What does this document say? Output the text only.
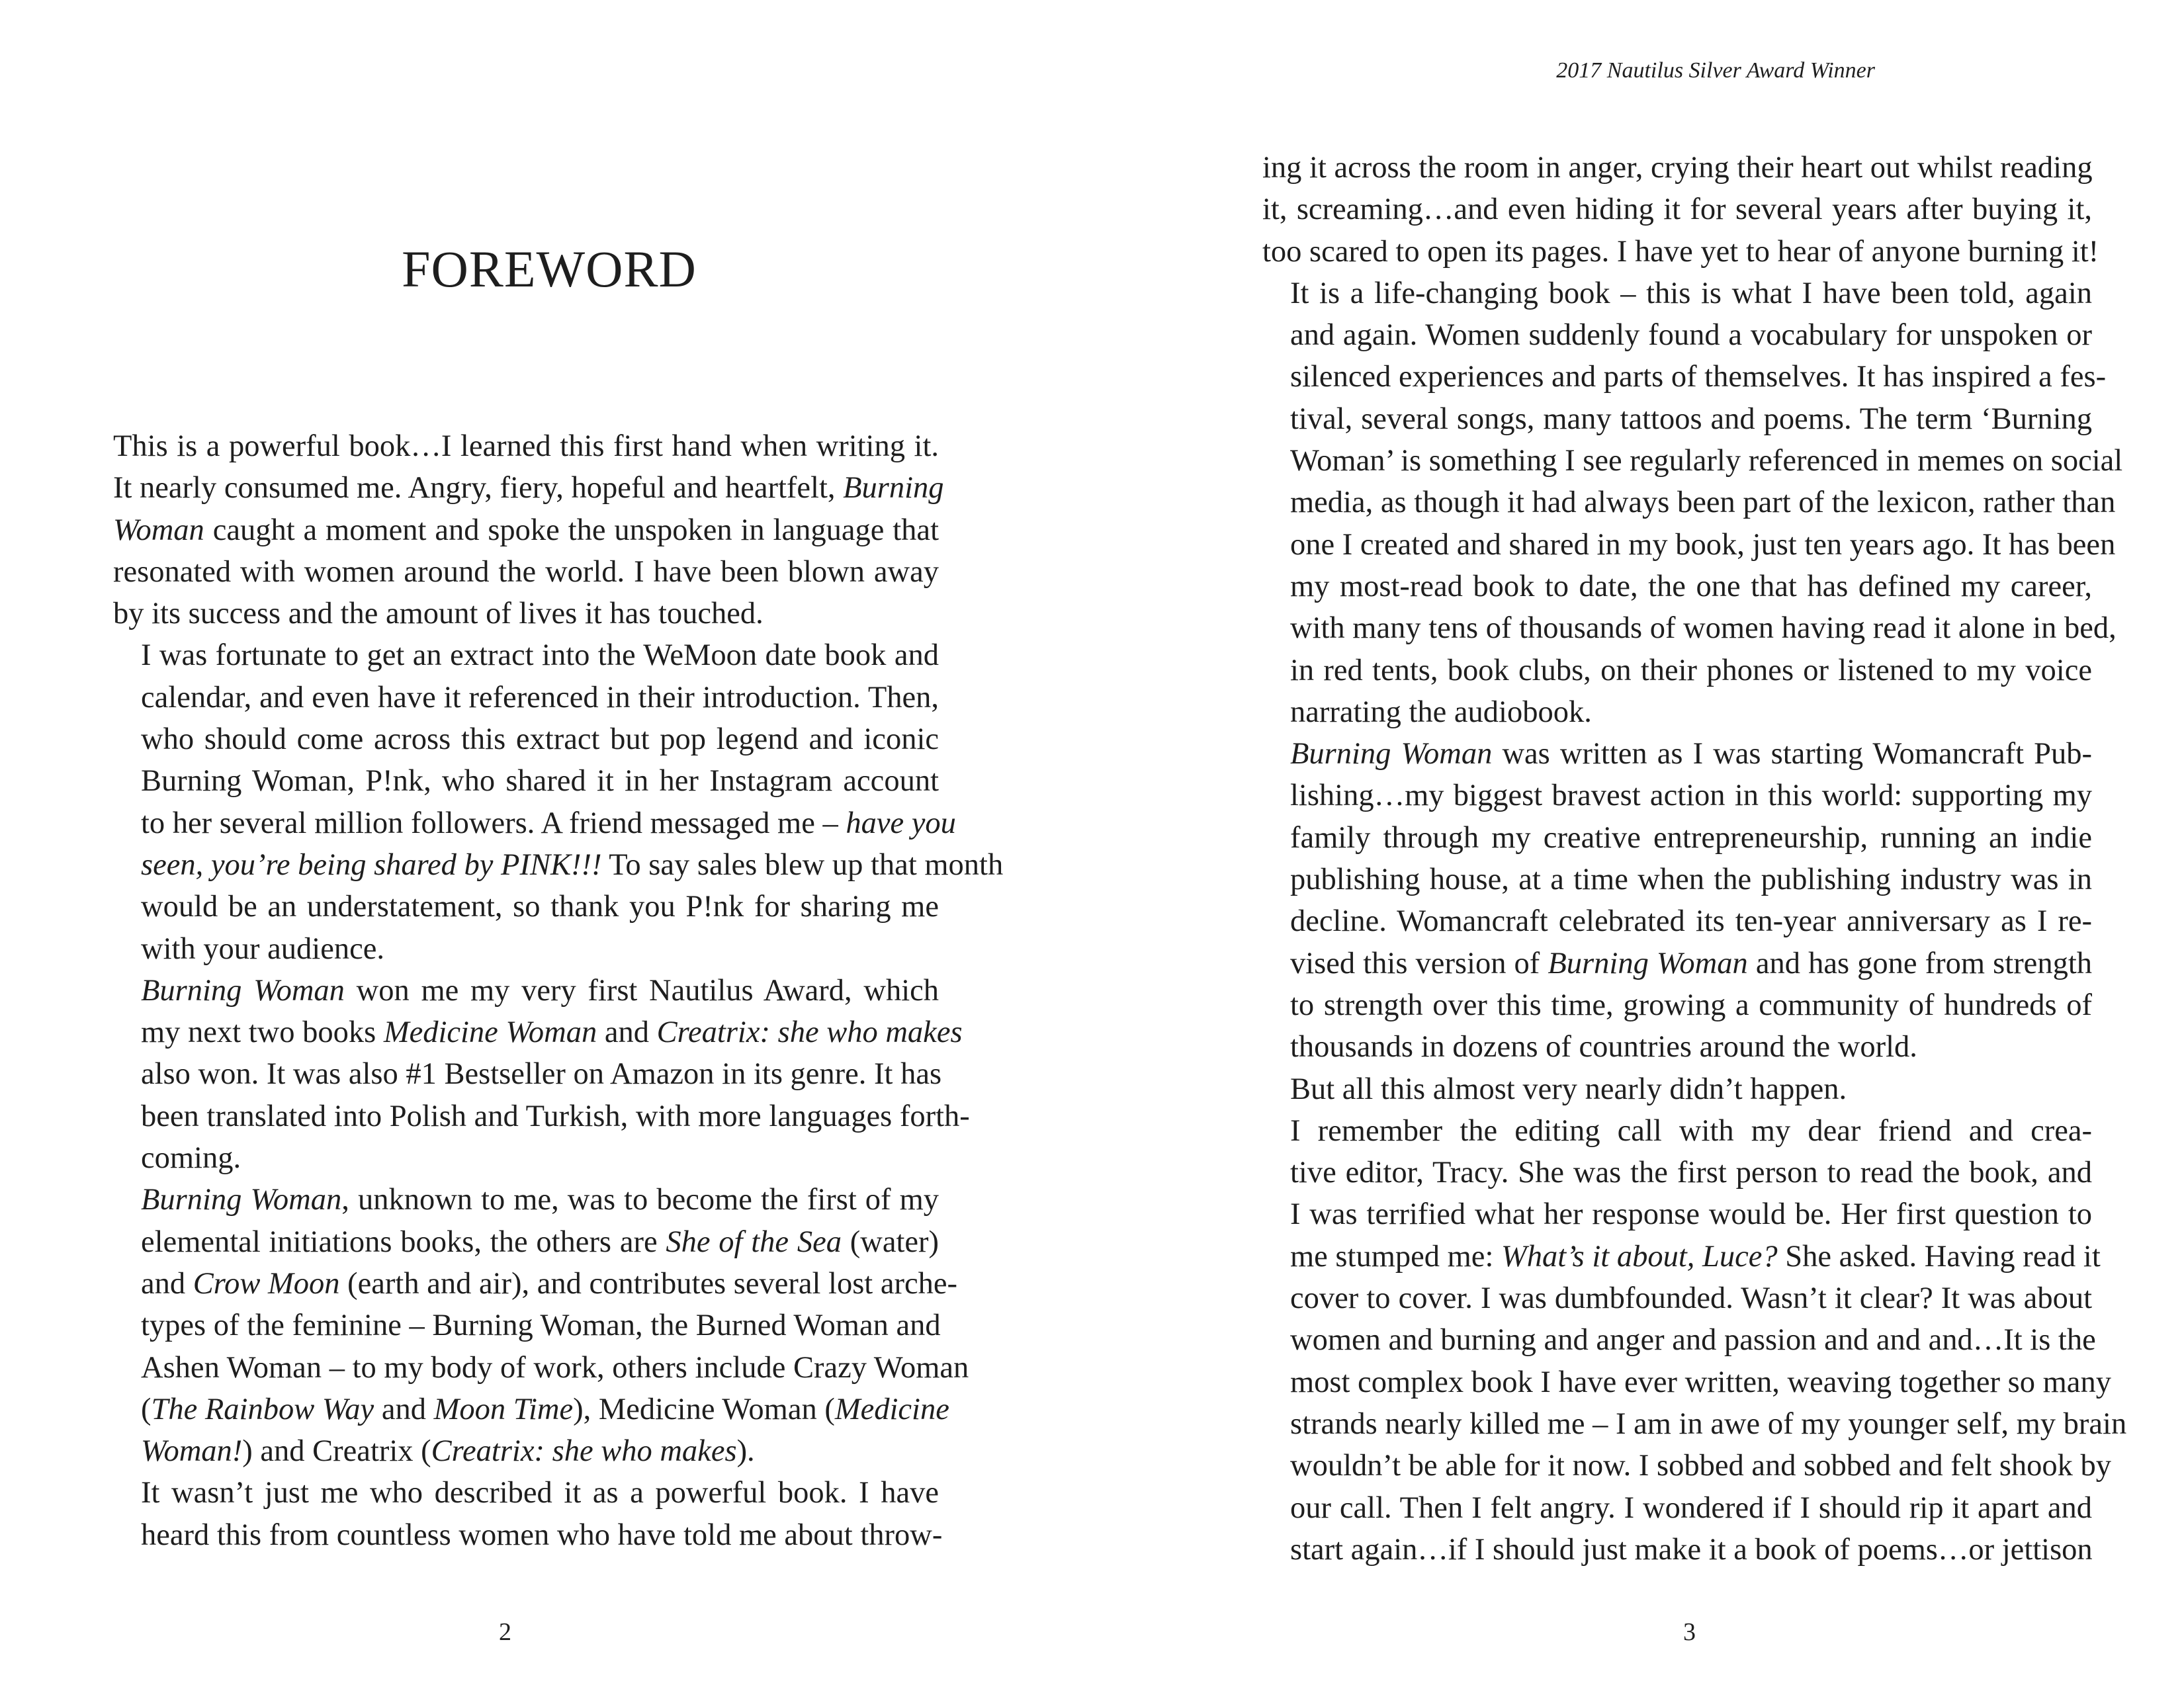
FOREWORD

This is a powerful book…I learned this first hand when writing it.
It nearly consumed me. Angry, fiery, hopeful and heartfelt, Burning
Woman caught a moment and spoke the unspoken in language that
resonated with women around the world. I have been blown away
by its success and the amount of lives it has touched.

I was fortunate to get an extract into the WeMoon date book and
calendar, and even have it referenced in their introduction. Then,
who should come across this extract but pop legend and iconic
Burning Woman, P!nk, who shared it in her Instagram account
to her several million followers. A friend messaged me – have you
seen, you’re being shared by PINK!!! To say sales blew up that month
would be an understatement, so thank you P!nk for sharing me
with your audience.

Burning Woman won me my very first Nautilus Award, which
my next two books Medicine Woman and Creatrix: she who makes
also won. It was also #1 Bestseller on Amazon in its genre. It has
been translated into Polish and Turkish, with more languages forth-
coming.

Burning Woman, unknown to me, was to become the first of my
elemental initiations books, the others are She of the Sea (water)
and Crow Moon (earth and air), and contributes several lost arche-
types of the feminine – Burning Woman, the Burned Woman and
Ashen Woman – to my body of work, others include Crazy Woman
(The Rainbow Way and Moon Time), Medicine Woman (Medicine
Woman!) and Creatrix (Creatrix: she who makes).

It wasn’t just me who described it as a powerful book. I have
heard this from countless women who have told me about throw-

2
2017 Nautilus Silver Award Winner

ing it across the room in anger, crying their heart out whilst reading
it, screaming…and even hiding it for several years after buying it,
too scared to open its pages. I have yet to hear of anyone burning it!

It is a life-changing book – this is what I have been told, again
and again. Women suddenly found a vocabulary for unspoken or
silenced experiences and parts of themselves. It has inspired a fes-
tival, several songs, many tattoos and poems. The term ‘Burning
Woman’ is something I see regularly referenced in memes on social
media, as though it had always been part of the lexicon, rather than
one I created and shared in my book, just ten years ago. It has been
my most-read book to date, the one that has defined my career,
with many tens of thousands of women having read it alone in bed,
in red tents, book clubs, on their phones or listened to my voice
narrating the audiobook.

Burning Woman was written as I was starting Womancraft Pub-
lishing…my biggest bravest action in this world: supporting my
family through my creative entrepreneurship, running an indie
publishing house, at a time when the publishing industry was in
decline. Womancraft celebrated its ten-year anniversary as I re-
vised this version of Burning Woman and has gone from strength
to strength over this time, growing a community of hundreds of
thousands in dozens of countries around the world.

But all this almost very nearly didn’t happen.

I remember the editing call with my dear friend and crea-
tive editor, Tracy. She was the first person to read the book, and
I was terrified what her response would be. Her first question to
me stumped me: What’s it about, Luce? She asked. Having read it
cover to cover. I was dumbfounded. Wasn’t it clear? It was about
women and burning and anger and passion and and and…It is the
most complex book I have ever written, weaving together so many
strands nearly killed me – I am in awe of my younger self, my brain
wouldn’t be able for it now. I sobbed and sobbed and felt shook by
our call. Then I felt angry. I wondered if I should rip it apart and
start again…if I should just make it a book of poems…or jettison

3
